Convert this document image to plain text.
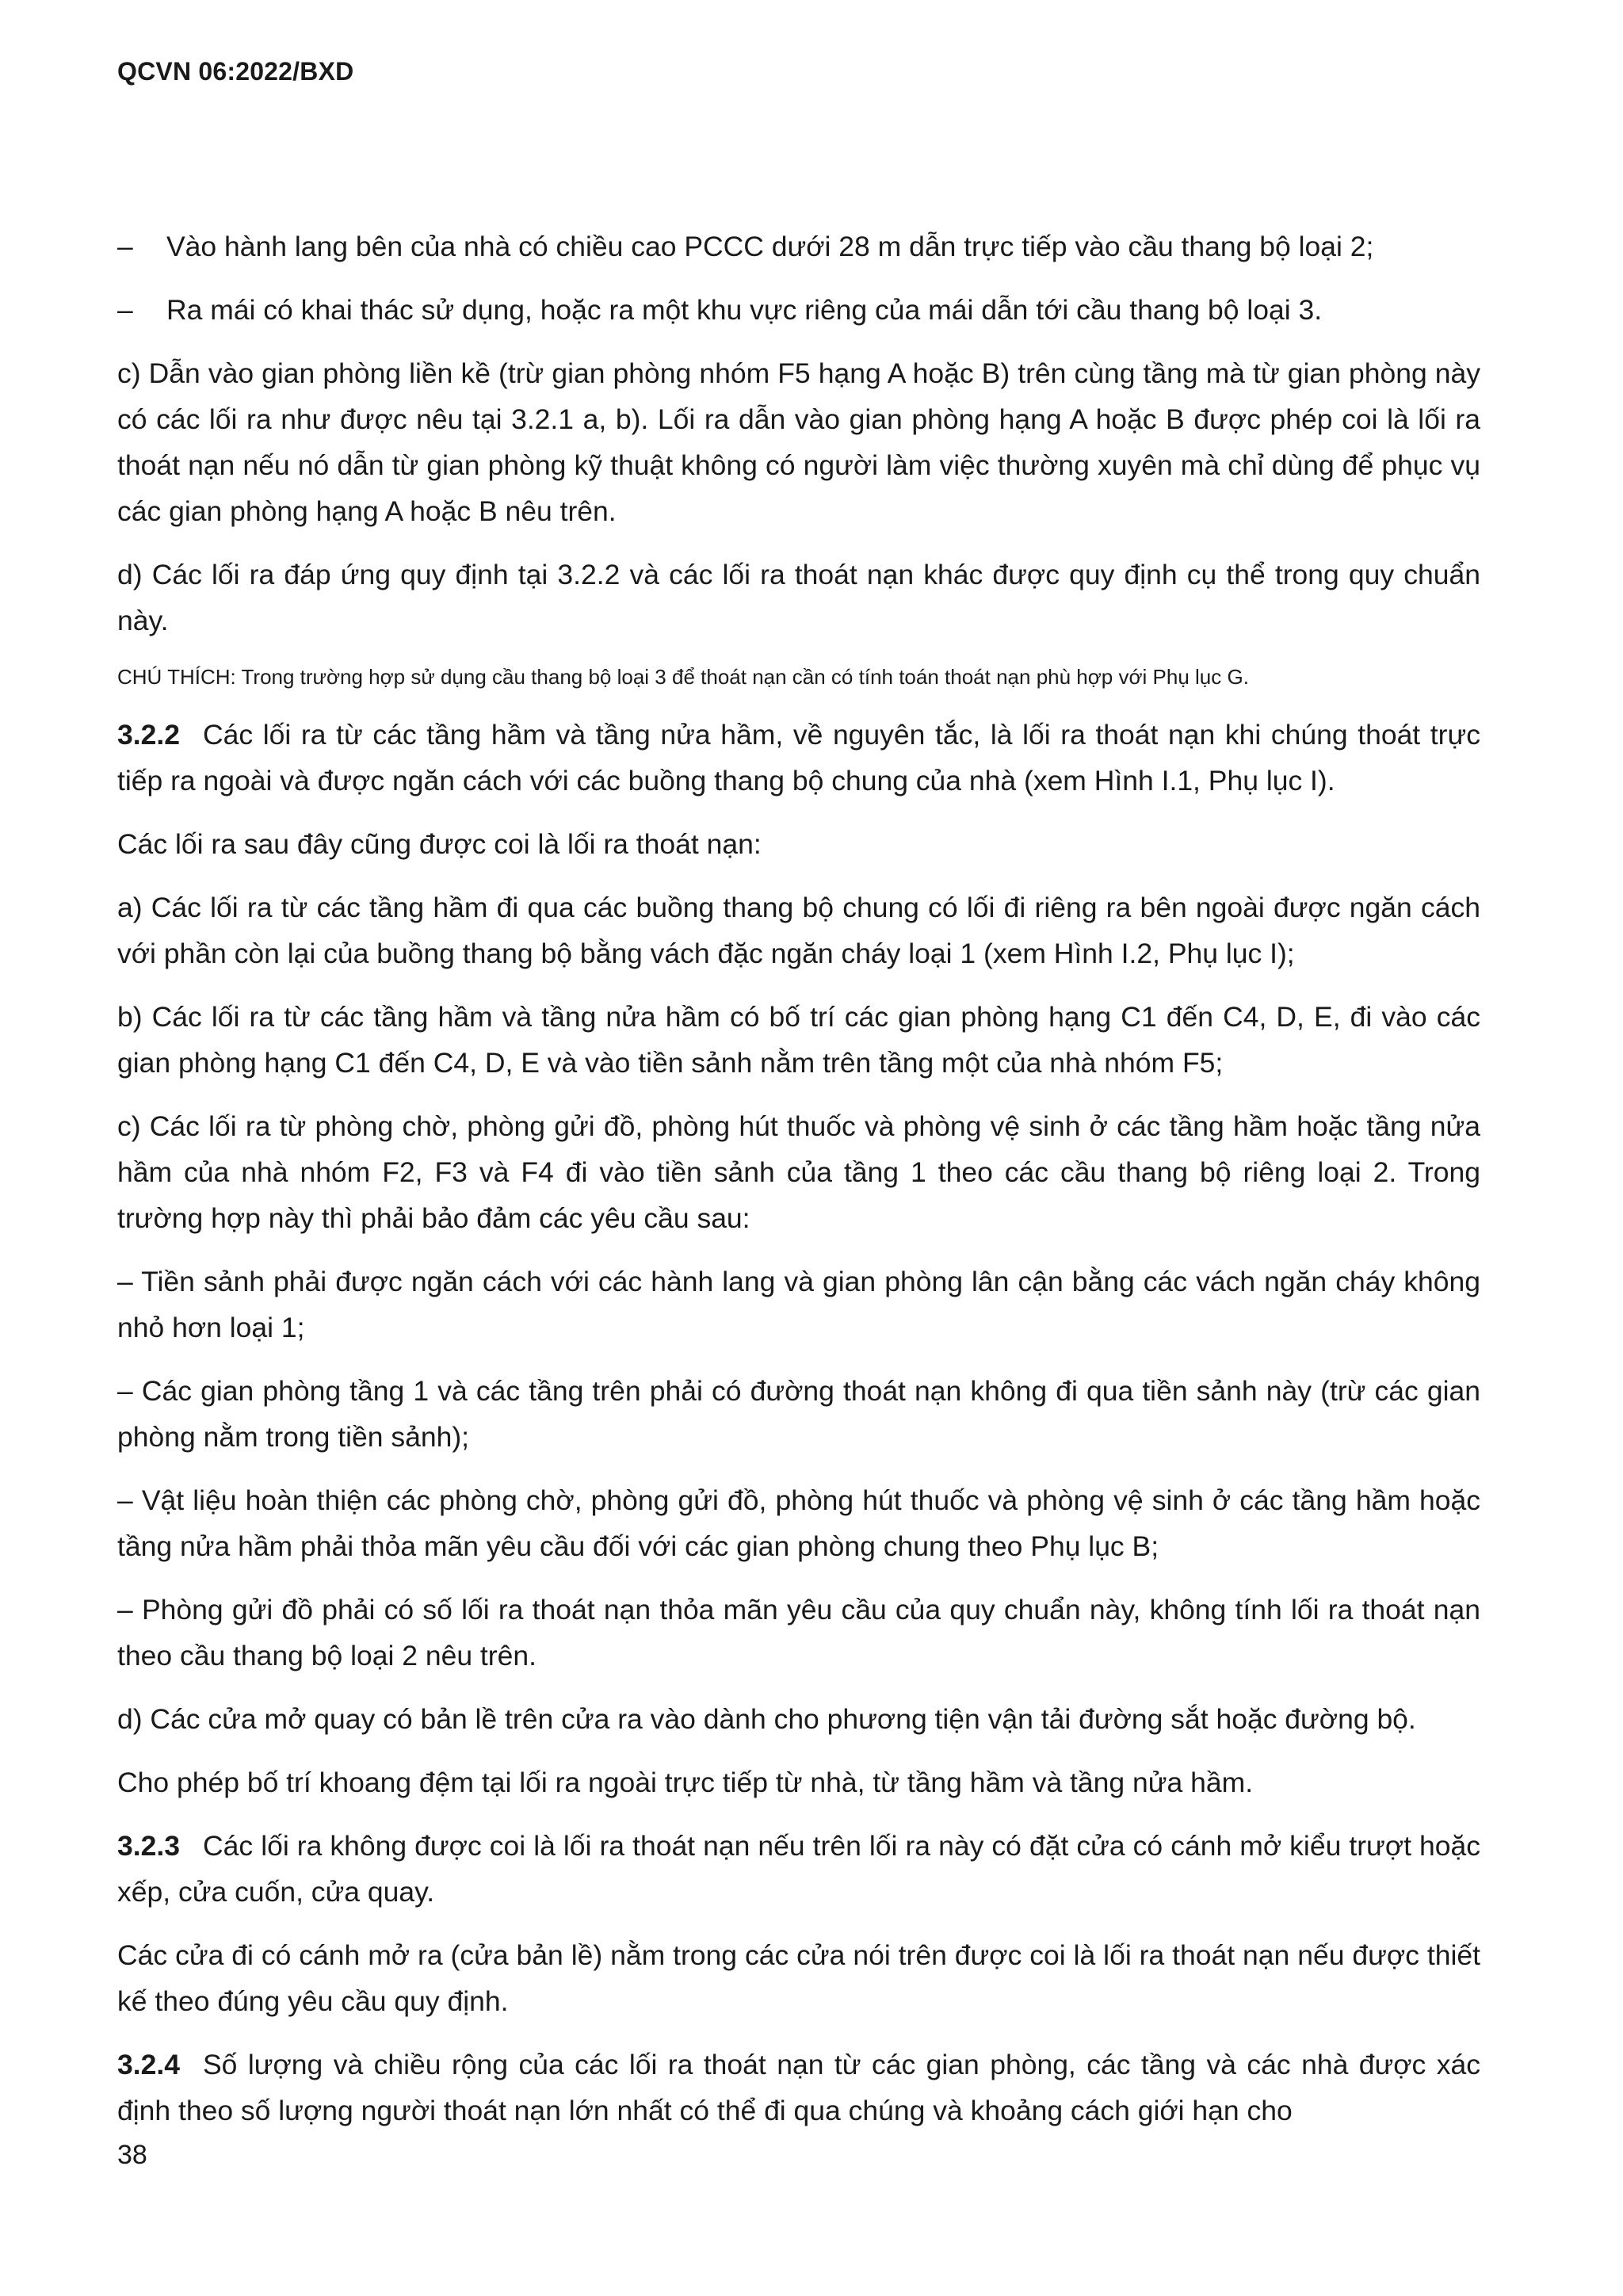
QCVN 06:2022/BXD
–	Vào hành lang bên của nhà có chiều cao PCCC dưới 28 m dẫn trực tiếp vào cầu thang bộ loại 2;
–	Ra mái có khai thác sử dụng, hoặc ra một khu vực riêng của mái dẫn tới cầu thang bộ loại 3.

c) Dẫn vào gian phòng liền kề (trừ gian phòng nhóm F5 hạng A hoặc B) trên cùng tầng mà từ gian phòng này có các lối ra như được nêu tại 3.2.1 a, b). Lối ra dẫn vào gian phòng hạng A hoặc B được phép coi là lối ra thoát nạn nếu nó dẫn từ gian phòng kỹ thuật không có người làm việc thường xuyên mà chỉ dùng để phục vụ các gian phòng hạng A hoặc B nêu trên.

d) Các lối ra đáp ứng quy định tại 3.2.2 và các lối ra thoát nạn khác được quy định cụ thể trong quy chuẩn này.

CHÚ THÍCH: Trong trường hợp sử dụng cầu thang bộ loại 3 để thoát nạn cần có tính toán thoát nạn phù hợp với Phụ lục G.

3.2.2 Các lối ra từ các tầng hầm và tầng nửa hầm, về nguyên tắc, là lối ra thoát nạn khi chúng thoát trực tiếp ra ngoài và được ngăn cách với các buồng thang bộ chung của nhà (xem Hình I.1, Phụ lục I).

Các lối ra sau đây cũng được coi là lối ra thoát nạn:

a) Các lối ra từ các tầng hầm đi qua các buồng thang bộ chung có lối đi riêng ra bên ngoài được ngăn cách với phần còn lại của buồng thang bộ bằng vách đặc ngăn cháy loại 1 (xem Hình I.2, Phụ lục I);

b) Các lối ra từ các tầng hầm và tầng nửa hầm có bố trí các gian phòng hạng C1 đến C4, D, E, đi vào các gian phòng hạng C1 đến C4, D, E và vào tiền sảnh nằm trên tầng một của nhà nhóm F5;

c) Các lối ra từ phòng chờ, phòng gửi đồ, phòng hút thuốc và phòng vệ sinh ở các tầng hầm hoặc tầng nửa hầm của nhà nhóm F2, F3 và F4 đi vào tiền sảnh của tầng 1 theo các cầu thang bộ riêng loại 2. Trong trường hợp này thì phải bảo đảm các yêu cầu sau:

– Tiền sảnh phải được ngăn cách với các hành lang và gian phòng lân cận bằng các vách ngăn cháy không nhỏ hơn loại 1;

– Các gian phòng tầng 1 và các tầng trên phải có đường thoát nạn không đi qua tiền sảnh này (trừ các gian phòng nằm trong tiền sảnh);

– Vật liệu hoàn thiện các phòng chờ, phòng gửi đồ, phòng hút thuốc và phòng vệ sinh ở các tầng hầm hoặc tầng nửa hầm phải thỏa mãn yêu cầu đối với các gian phòng chung theo Phụ lục B;

– Phòng gửi đồ phải có số lối ra thoát nạn thỏa mãn yêu cầu của quy chuẩn này, không tính lối ra thoát nạn theo cầu thang bộ loại 2 nêu trên.

d) Các cửa mở quay có bản lề trên cửa ra vào dành cho phương tiện vận tải đường sắt hoặc đường bộ.

Cho phép bố trí khoang đệm tại lối ra ngoài trực tiếp từ nhà, từ tầng hầm và tầng nửa hầm.

3.2.3 Các lối ra không được coi là lối ra thoát nạn nếu trên lối ra này có đặt cửa có cánh mở kiểu trượt hoặc xếp, cửa cuốn, cửa quay.

Các cửa đi có cánh mở ra (cửa bản lề) nằm trong các cửa nói trên được coi là lối ra thoát nạn nếu được thiết kế theo đúng yêu cầu quy định.

3.2.4 Số lượng và chiều rộng của các lối ra thoát nạn từ các gian phòng, các tầng và các nhà được xác định theo số lượng người thoát nạn lớn nhất có thể đi qua chúng và khoảng cách giới hạn cho

38
